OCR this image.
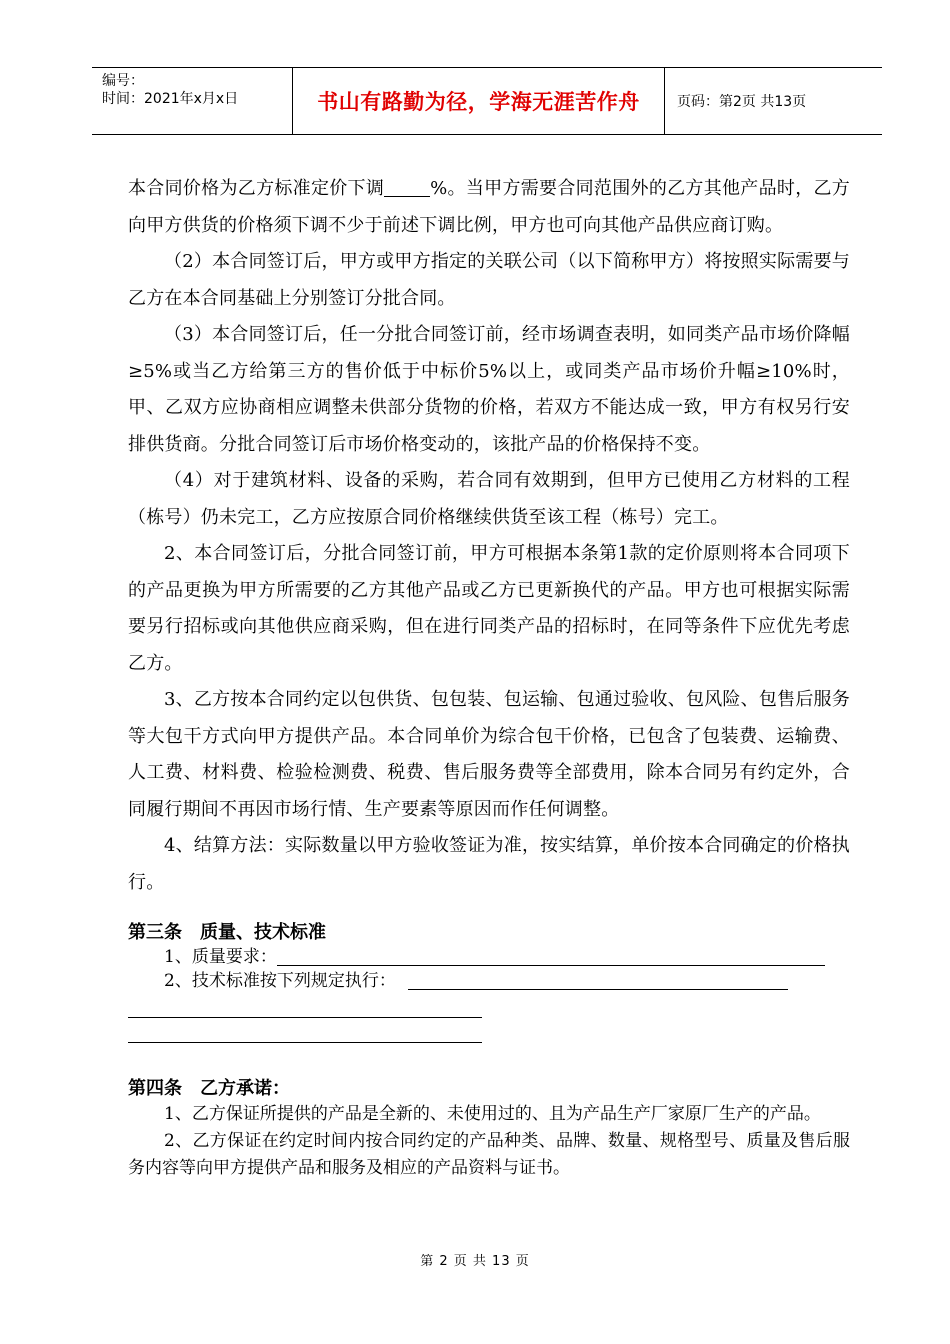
编号：
时间：2021年x月x日	书山有路勤为径，学海无涯苦作舟	页码：第2页 共13页

本合同价格为乙方标准定价下调	%。当甲方需要合同范围外的乙方其他产品时，乙方向甲方供货的价格须下调不少于前述下调比例，甲方也可向其他产品供应商订购。

（2）本合同签订后，甲方或甲方指定的关联公司（以下简称甲方）将按照实际需要与乙方在本合同基础上分别签订分批合同。

（3）本合同签订后，任一分批合同签订前，经市场调查表明，如同类产品市场价降幅≥5%或当乙方给第三方的售价低于中标价5%以上，或同类产品市场价升幅≥10%时，甲、乙双方应协商相应调整未供部分货物的价格，若双方不能达成一致，甲方有权另行安排供货商。分批合同签订后市场价格变动的，该批产品的价格保持不变。

（4）对于建筑材料、设备的采购，若合同有效期到，但甲方已使用乙方材料的工程（栋号）仍未完工，乙方应按原合同价格继续供货至该工程（栋号）完工。

2、本合同签订后，分批合同签订前，甲方可根据本条第1款的定价原则将本合同项下的产品更换为甲方所需要的乙方其他产品或乙方已更新换代的产品。甲方也可根据实际需要另行招标或向其他供应商采购，但在进行同类产品的招标时，在同等条件下应优先考虑乙方。

3、乙方按本合同约定以包供货、包包装、包运输、包通过验收、包风险、包售后服务等大包干方式向甲方提供产品。本合同单价为综合包干价格，已包含了包装费、运输费、人工费、材料费、检验检测费、税费、售后服务费等全部费用，除本合同另有约定外，合同履行期间不再因市场行情、生产要素等原因而作任何调整。

4、结算方法：实际数量以甲方验收签证为准，按实结算，单价按本合同确定的价格执行。

第三条　质量、技术标准

1、质量要求：

2、技术标准按下列规定执行：

第四条　乙方承诺：

1、乙方保证所提供的产品是全新的、未使用过的、且为产品生产厂家原厂生产的产品。

2、乙方保证在约定时间内按合同约定的产品种类、品牌、数量、规格型号、质量及售后服务内容等向甲方提供产品和服务及相应的产品资料与证书。

第 2 页 共 13 页
